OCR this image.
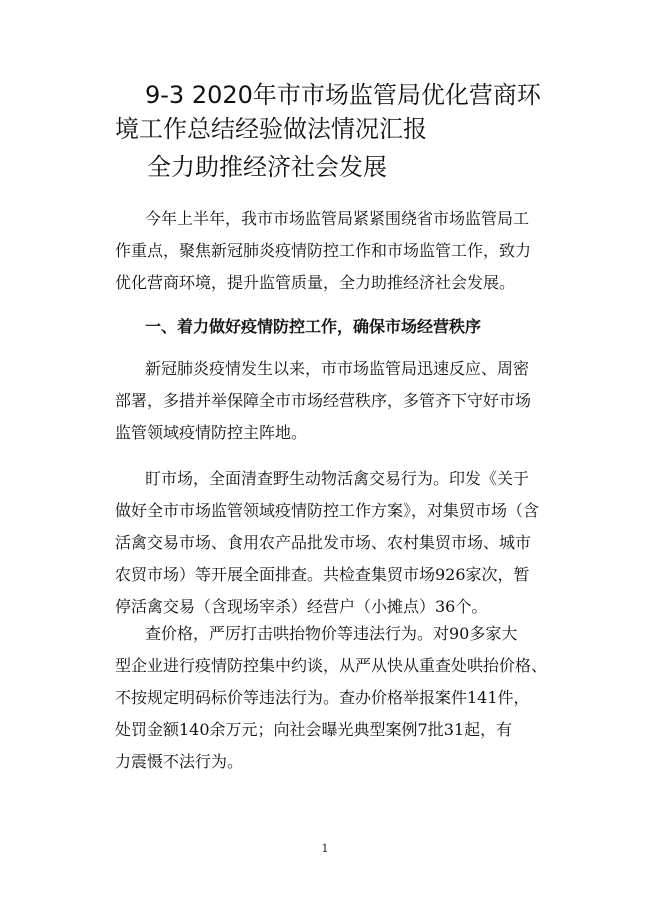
9-3 2020年市市场监管局优化营商环
境工作总结经验做法情况汇报
全力助推经济社会发展

今年上半年，我市市场监管局紧紧围绕省市场监管局工
作重点，聚焦新冠肺炎疫情防控工作和市场监管工作，致力
优化营商环境，提升监管质量，全力助推经济社会发展。

一、着力做好疫情防控工作，确保市场经营秩序

新冠肺炎疫情发生以来，市市场监管局迅速反应、周密
部署，多措并举保障全市市场经营秩序，多管齐下守好市场
监管领域疫情防控主阵地。

盯市场，全面清查野生动物活禽交易行为。印发《关于
做好全市市场监管领域疫情防控工作方案》，对集贸市场（含
活禽交易市场、食用农产品批发市场、农村集贸市场、城市
农贸市场）等开展全面排查。共检查集贸市场926家次，暂
停活禽交易（含现场宰杀）经营户（小摊点）36个。

查价格，严厉打击哄抬物价等违法行为。对90多家大
型企业进行疫情防控集中约谈，从严从快从重查处哄抬价格、
不按规定明码标价等违法行为。查办价格举报案件141件，
处罚金额140余万元；向社会曝光典型案例7批31起，有
力震慑不法行为。

1
